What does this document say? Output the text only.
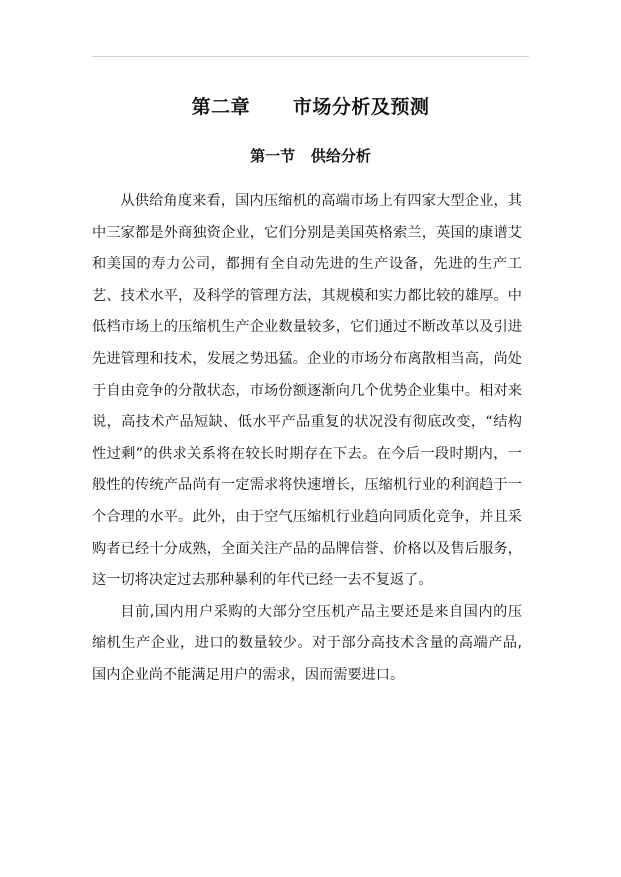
第二章      市场分析及预测
第一节   供给分析

从供给角度来看，国内压缩机的高端市场上有四家大型企业，其中三家都是外商独资企业，它们分别是美国英格索兰，英国的康谱艾和美国的寿力公司，都拥有全自动先进的生产设备，先进的生产工艺、技术水平，及科学的管理方法，其规模和实力都比较的雄厚。中低档市场上的压缩机生产企业数量较多，它们通过不断改革以及引进先进管理和技术，发展之势迅猛。企业的市场分布离散相当高，尚处于自由竞争的分散状态，市场份额逐渐向几个优势企业集中。相对来说，高技术产品短缺、低水平产品重复的状况没有彻底改变，“结构性过剩”的供求关系将在较长时期存在下去。在今后一段时期内，一般性的传统产品尚有一定需求将快速增长，压缩机行业的利润趋于一个合理的水平。此外，由于空气压缩机行业趋向同质化竞争，并且采购者已经十分成熟，全面关注产品的品牌信誉、价格以及售后服务，这一切将决定过去那种暴利的年代已经一去不复返了。

目前,国内用户采购的大部分空压机产品主要还是来自国内的压缩机生产企业，进口的数量较少。对于部分高技术含量的高端产品,国内企业尚不能满足用户的需求，因而需要进口。
